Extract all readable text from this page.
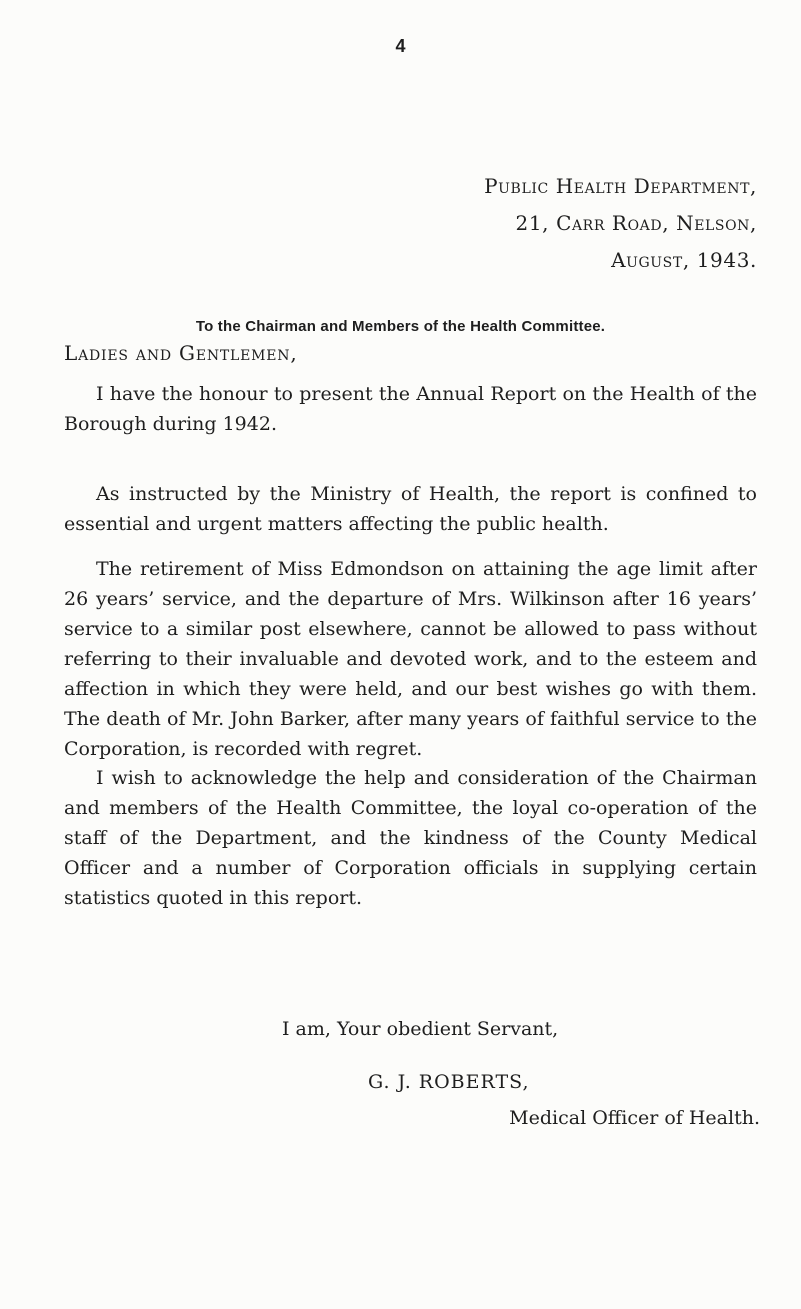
4
Public Health Department,
21, Carr Road, Nelson,
August, 1943.
To the Chairman and Members of the Health Committee.
Ladies and Gentlemen,

I have the honour to present the Annual Report on the Health of the Borough during 1942.

As instructed by the Ministry of Health, the report is confined to essential and urgent matters affecting the public health.

The retirement of Miss Edmondson on attaining the age limit after 26 years’ service, and the departure of Mrs. Wilkinson after 16 years’ service to a similar post elsewhere, cannot be allowed to pass without referring to their invaluable and devoted work, and to the esteem and affection in which they were held, and our best wishes go with them. The death of Mr. John Barker, after many years of faithful service to the Corporation, is recorded with regret.

I wish to acknowledge the help and consideration of the Chairman and members of the Health Committee, the loyal co-operation of the staff of the Department, and the kindness of the County Medical Officer and a number of Corporation officials in supplying certain statistics quoted in this report.

I am, Your obedient Servant,
G. J. ROBERTS,
Medical Officer of Health.
